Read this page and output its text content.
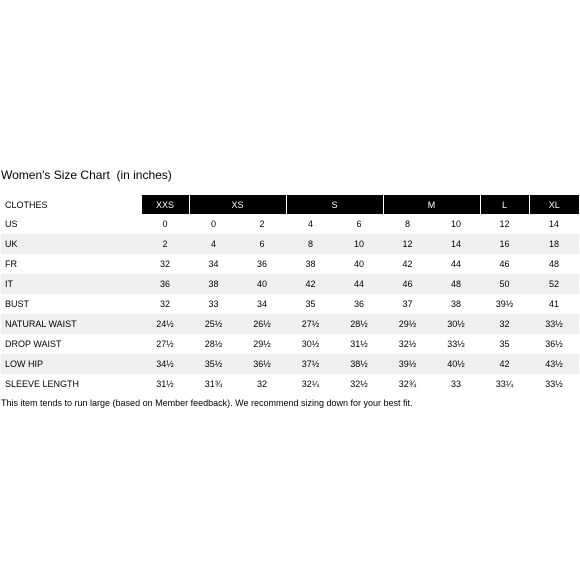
Women's Size Chart  (in inches)
CLOTHES	XXS	XS		S		M		L	XL
US	0	0	2	4	6	8	10	12	14
UK	2	4	6	8	10	12	14	16	18
FR	32	34	36	38	40	42	44	46	48
IT	36	38	40	42	44	46	48	50	52
BUST	32	33	34	35	36	37	38	39½	41
NATURAL WAIST	24½	25½	26½	27½	28½	29½	30½	32	33½
DROP WAIST	27½	28½	29½	30½	31½	32½	33½	35	36½
LOW HIP	34½	35½	36½	37½	38½	39½	40½	42	43½
SLEEVE LENGTH	31½	31¾	32	32¼	32½	32¾	33	33¼	33½
This item tends to run large (based on Member feedback). We recommend sizing down for your best fit.
